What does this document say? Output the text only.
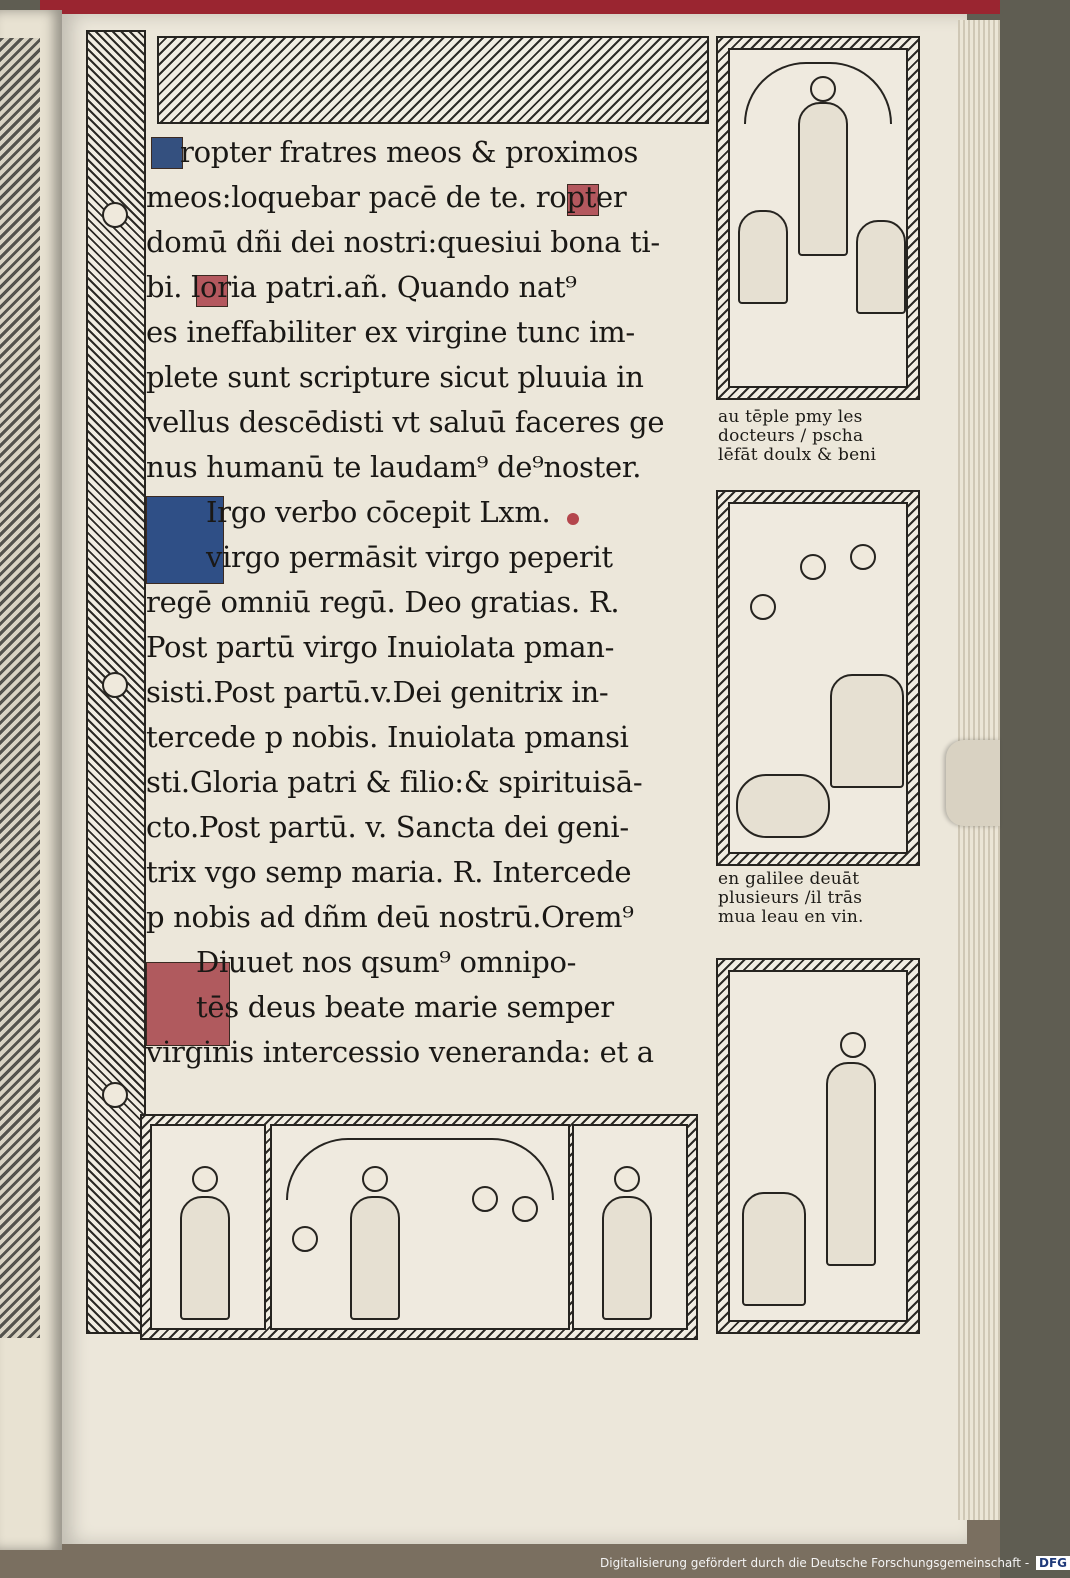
au tēple pmy les
docteurs / pscha
lēfāt doulx & beni
en galilee deuāt
plusieurs /il trās
mua leau en vin.
ropter fratres meos & proximos
meos:loquebar pacē de te. ropter
domū dñi dei nostri:quesiui bona ti-
bi. loria patri.añ. Quando nat⁹
es ineffabiliter ex virgine tunc im-
plete sunt scripture sicut pluuia in
vellus descēdisti vt saluū faceres ge
nus humanū te laudam⁹ de⁹noster.
Irgo verbo cōcepit Lxm.
virgo permāsit virgo peperit
regē omniū regū. Deo gratias. R.
Post partū virgo Inuiolata pman-
sisti.Post partū.v.Dei genitrix in-
tercede p nobis. Inuiolata pmansi
sti.Gloria patri & filio:& spirituisā-
cto.Post partū. v. Sancta dei geni-
trix vgo semp maria. R. Intercede
p nobis ad dñm deū nostrū.Orem⁹
Diuuet nos qsum⁹ omnipo-
tēs deus beate marie semper
virginis intercessio veneranda: et a
Digitalisierung gefördert durch die Deutsche Forschungsgemeinschaft - DFG
